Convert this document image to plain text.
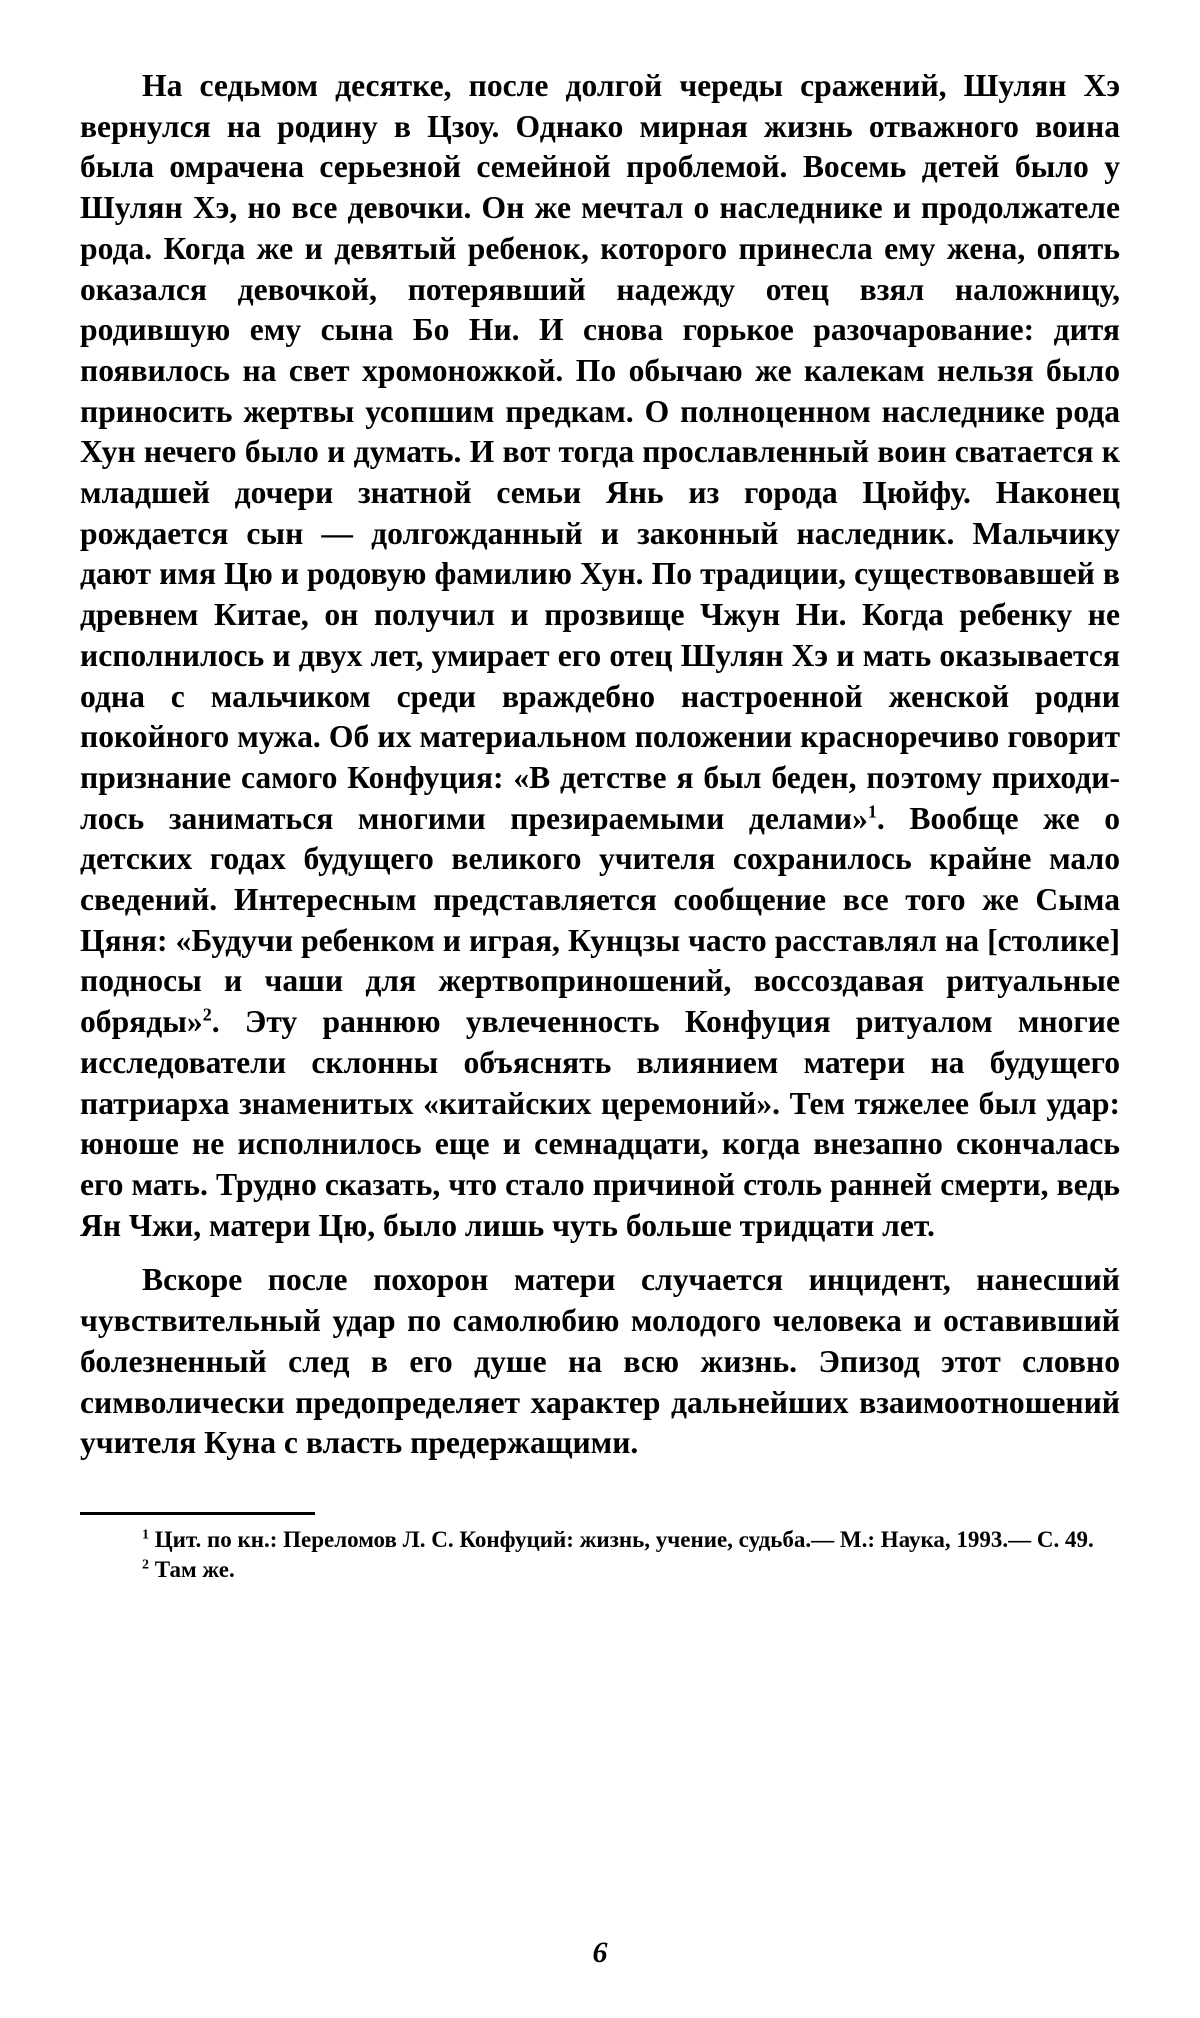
На седьмом десятке, после долгой череды сражений, Шулян Хэ вернулся на родину в Цзоу. Однако мирная жизнь отважного воина была омрачена серьезной семейной проблемой. Восемь детей было у Шулян Хэ, но все девочки. Он же мечтал о наследнике и продолжателе рода. Когда же и девятый ребенок, которого принесла ему жена, опять оказался девочкой, потерявший надежду отец взял наложницу, родившую ему сына Бо Ни. И снова горькое разочарование: дитя появилось на свет хромоножкой. По обычаю же калекам нельзя было приносить жертвы усопшим предкам. О полноценном наследнике рода Хун нечего было и думать. И вот тогда прославленный воин сватается к младшей дочери знатной семьи Янь из города Цюйфу. Наконец рождается сын — долгожданный и законный наследник. Мальчику дают имя Цю и родовую фамилию Хун. По традиции, существовавшей в древнем Китае, он получил и прозвище Чжун Ни. Когда ребенку не исполнилось и двух лет, умирает его отец Шулян Хэ и мать оказывается одна с мальчиком среди враждебно настроенной женской родни покойного мужа. Об их материальном положении красноречиво говорит признание самого Конфуция: «В детстве я был беден, поэтому приходилось заниматься многими презираемыми делами»$^1$. Вообще же о детских годах будущего великого учителя сохранилось крайне мало сведений. Интересным представляется сообщение все того же Сыма Цяня: «Будучи ребенком и играя, Кунцзы часто расставлял на [столике] подносы и чаши для жертвоприношений, воссоздавая ритуальные обряды»$^2$. Эту раннюю увлеченность Конфуция ритуалом многие исследователи склонны объяснять влиянием матери на будущего патриарха знаменитых «китайских церемоний». Тем тяжелее был удар: юноше не исполнилось еще и семнадцати, когда внезапно скончалась его мать. Трудно сказать, что стало причиной столь ранней смерти, ведь Ян Чжи, матери Цю, было лишь чуть больше тридцати лет.

Вскоре после похорон матери случается инцидент, нанесший чувствительный удар по самолюбию молодого человека и оставивший болезненный след в его душе на всю жизнь. Эпизод этот словно символически предопределяет характер дальнейших взаимоотношений учителя Куна с власть предержащими.

$^1$ Цит. по кн.: Переломов Л. С. Конфуций: жизнь, учение, судьба.— М.: Наука, 1993.— С. 49.

$^2$ Там же.

6
